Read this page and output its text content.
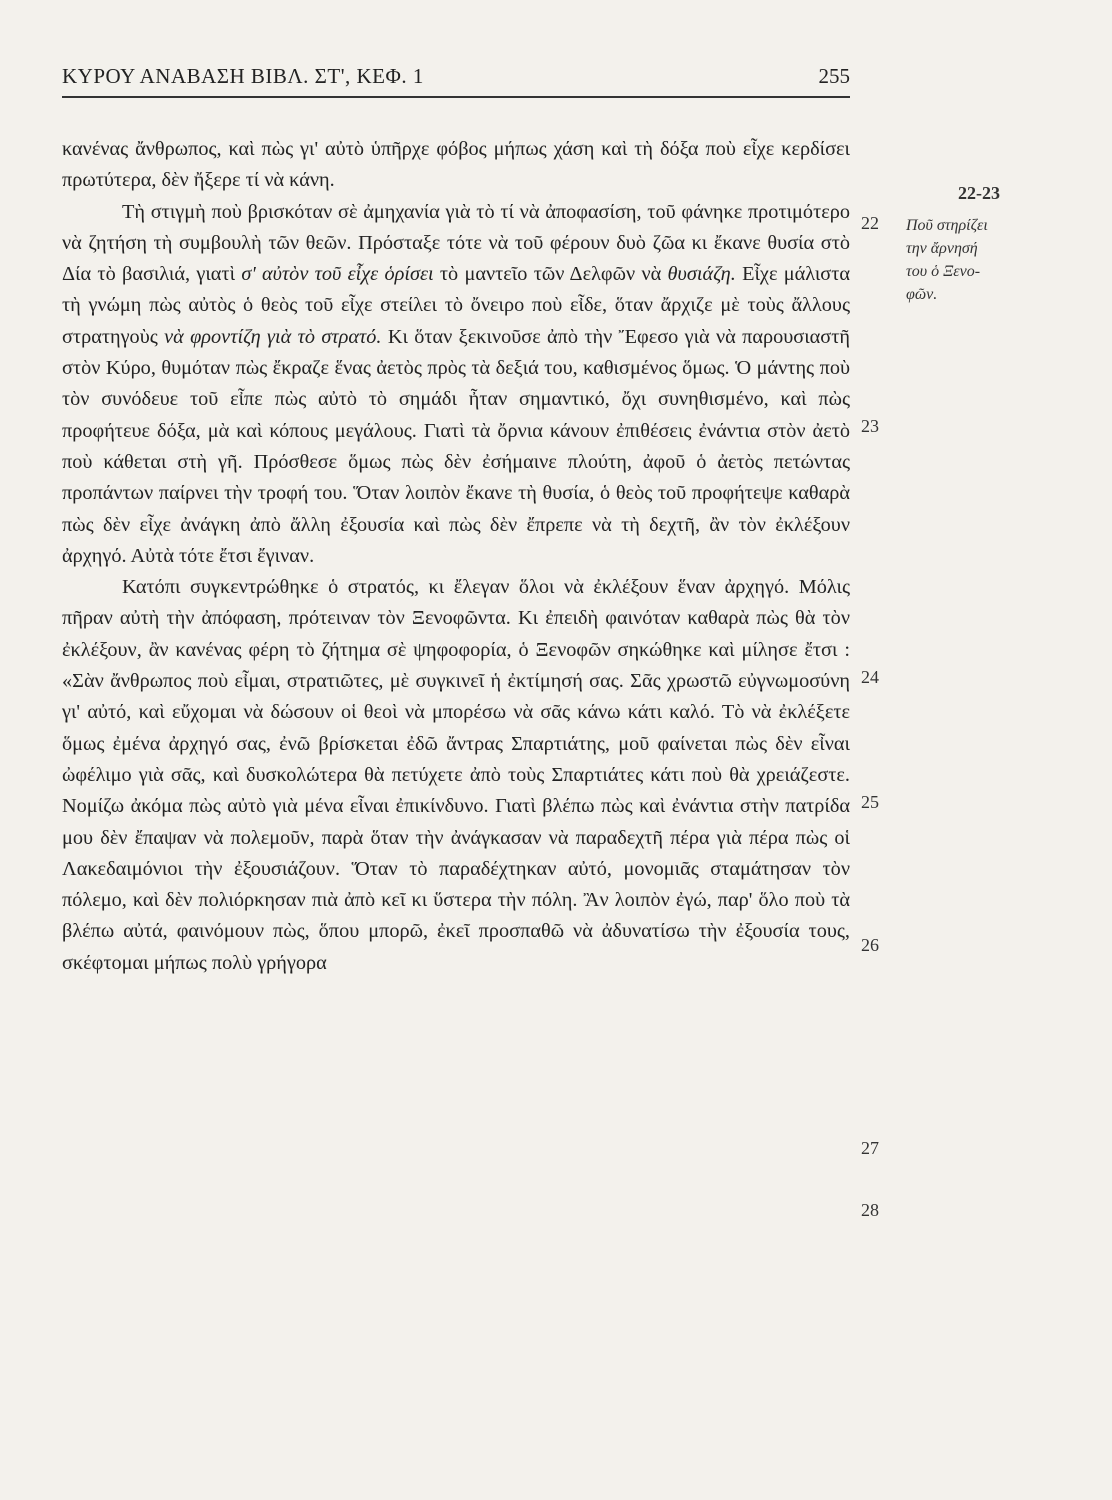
ΚΥΡΟΥ ΑΝΑΒΑΣΗ ΒΙΒΛ. ΣΤ', ΚΕΦ. 1	255

κανένας ἄνθρωπος, καὶ πὼς γι' αὐτὸ ὑπῆρχε φόβος μήπως χάση καὶ τὴ δόξα ποὺ εἶχε κερδίσει πρωτύτερα, δὲν ἤξερε τί νὰ κάνη.

Τὴ στιγμὴ ποὺ βρισκόταν σὲ ἀμηχανία γιὰ τὸ τί νὰ ἀποφασίση, τοῦ φάνηκε προτιμότερο νὰ ζητήση τὴ συμβουλὴ τῶν θεῶν. Πρόσταξε τότε νὰ τοῦ φέρουν δυὸ ζῶα κι ἔκανε θυσία στὸ Δία τὸ βασιλιά, γιατὶ σ' αὐτὸν τοῦ εἶχε ὁρίσει τὸ μαντεῖο τῶν Δελφῶν νὰ θυσιάζη. Εἶχε μάλιστα τὴ γνώμη πὼς αὐτὸς ὁ θεὸς τοῦ εἶχε στείλει τὸ ὄνειρο ποὺ εἶδε, ὅταν ἄρχιζε μὲ τοὺς ἄλλους στρατηγοὺς νὰ φροντίζη γιὰ τὸ στρατό. Κι ὅταν ξεκινοῦσε ἀπὸ τὴν Ἔφεσο γιὰ νὰ παρουσιαστῆ στὸν Κύρο, θυμόταν πὼς ἔκραζε ἕνας ἀετὸς πρὸς τὰ δεξιά του, καθισμένος ὅμως. Ὁ μάντης ποὺ τὸν συνόδευε τοῦ εἶπε πὼς αὐτὸ τὸ σημάδι ἦταν σημαντικό, ὄχι συνηθισμένο, καὶ πὼς προφήτευε δόξα, μὰ καὶ κόπους μεγάλους. Γιατὶ τὰ ὄρνια κάνουν ἐπιθέσεις ἐνάντια στὸν ἀετὸ ποὺ κάθεται στὴ γῆ. Πρόσθεσε ὅμως πὼς δὲν ἐσήμαινε πλούτη, ἀφοῦ ὁ ἀετὸς πετώντας προπάντων παίρνει τὴν τροφή του. Ὅταν λοιπὸν ἔκανε τὴ θυσία, ὁ θεὸς τοῦ προφήτεψε καθαρὰ πὼς δὲν εἶχε ἀνάγκη ἀπὸ ἄλλη ἐξουσία καὶ πὼς δὲν ἔπρεπε νὰ τὴ δεχτῆ, ἂν τὸν ἐκλέξουν ἀρχηγό. Αὐτὰ τότε ἔτσι ἔγιναν.

Κατόπι συγκεντρώθηκε ὁ στρατός, κι ἔλεγαν ὅλοι νὰ ἐκλέξουν ἕναν ἀρχηγό. Μόλις πῆραν αὐτὴ τὴν ἀπόφαση, πρότειναν τὸν Ξενοφῶντα. Κι ἐπειδὴ φαινόταν καθαρὰ πὼς θὰ τὸν ἐκλέξουν, ἂν κανένας φέρη τὸ ζήτημα σὲ ψηφοφορία, ὁ Ξενοφῶν σηκώθηκε καὶ μίλησε ἔτσι : «Σὰν ἄνθρωπος ποὺ εἶμαι, στρατιῶτες, μὲ συγκινεῖ ἡ ἐκτίμησή σας. Σᾶς χρωστῶ εὐγνωμοσύνη γι' αὐτό, καὶ εὔχομαι νὰ δώσουν οἱ θεοὶ νὰ μπορέσω νὰ σᾶς κάνω κάτι καλό. Τὸ νὰ ἐκλέξετε ὅμως ἐμένα ἀρχηγό σας, ἐνῶ βρίσκεται ἐδῶ ἄντρας Σπαρτιάτης, μοῦ φαίνεται πὼς δὲν εἶναι ὠφέλιμο γιὰ σᾶς, καὶ δυσκολώτερα θὰ πετύχετε ἀπὸ τοὺς Σπαρτιάτες κάτι ποὺ θὰ χρειάζεστε. Νομίζω ἀκόμα πὼς αὐτὸ γιὰ μένα εἶναι ἐπικίνδυνο. Γιατὶ βλέπω πὼς καὶ ἐνάντια στὴν πατρίδα μου δὲν ἔπαψαν νὰ πολεμοῦν, παρὰ ὅταν τὴν ἀνάγκασαν νὰ παραδεχτῆ πέρα γιὰ πέρα πὼς οἱ Λακεδαιμόνιοι τὴν ἐξουσιάζουν. Ὅταν τὸ παραδέχτηκαν αὐτό, μονομιᾶς σταμάτησαν τὸν πόλεμο, καὶ δὲν πολιόρκησαν πιὰ ἀπὸ κεῖ κι ὕστερα τὴν πόλη. Ἂν λοιπὸν ἐγώ, παρ' ὅλο ποὺ τὰ βλέπω αὐτά, φαινόμουν πὼς, ὅπου μπορῶ, ἐκεῖ προσπαθῶ νὰ ἀδυνατίσω τὴν ἐξουσία τους, σκέφτομαι μήπως πολὺ γρήγορα

22
23
24
25
26
27
28
22-23
Ποῦ στηρίζει
την ἄρνησή
του ὁ Ξενο-
φῶν.
